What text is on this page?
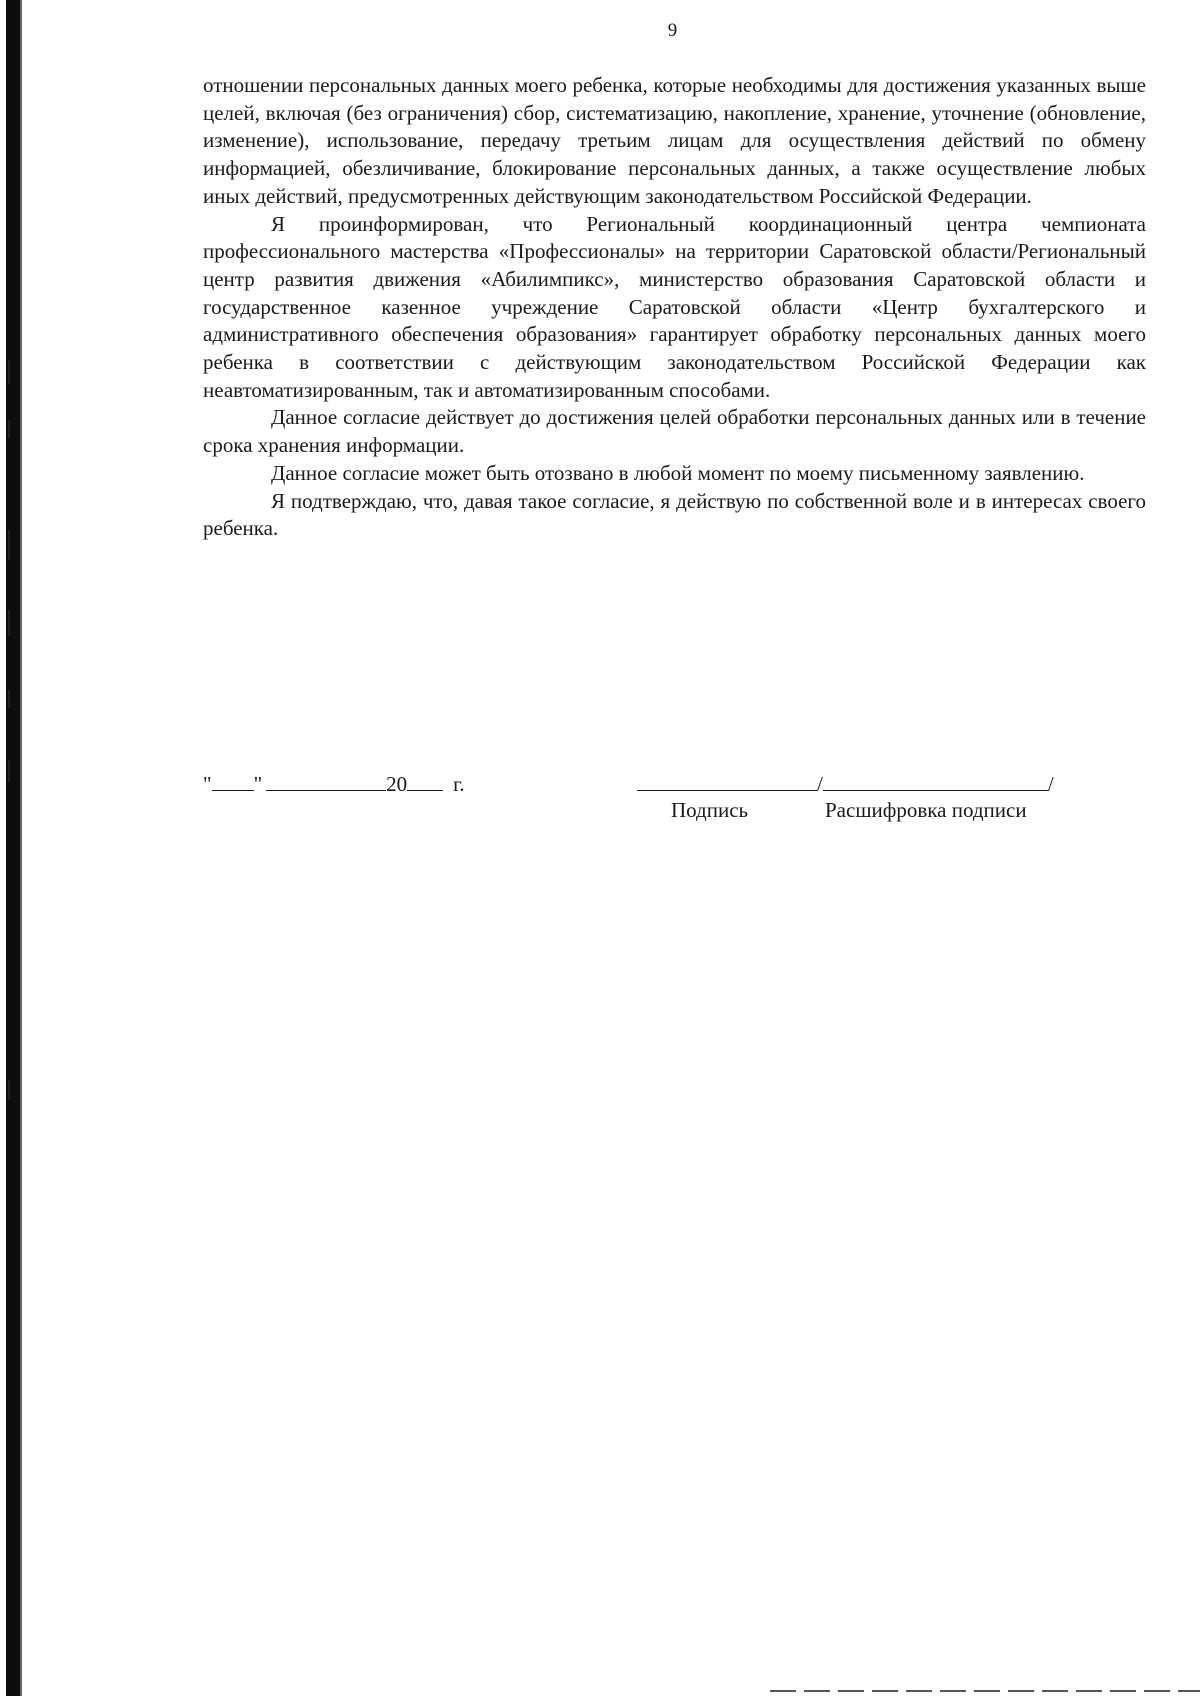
9

отношении персональных данных моего ребенка, которые необходимы для достижения указанных выше целей, включая (без ограничения) сбор, систематизацию, накопление, хранение, уточнение (обновление, изменение), использование, передачу третьим лицам для осуществления действий по обмену информацией, обезличивание, блокирование персональных данных, а также осуществление любых иных действий, предусмотренных действующим законодательством Российской Федерации.

Я проинформирован, что Региональный координационный центра чемпионата профессионального мастерства «Профессионалы» на территории Саратовской области/Региональный центр развития движения «Абилимпикс», министерство образования Саратовской области и государственное казенное учреждение Саратовской области «Центр бухгалтерского и административного обеспечения образования» гарантирует обработку персональных данных моего ребенка в соответствии с действующим законодательством Российской Федерации как неавтоматизированным, так и автоматизированным способами.

Данное согласие действует до достижения целей обработки персональных данных или в течение срока хранения информации.

Данное согласие может быть отозвано в любой момент по моему письменному заявлению.

Я подтверждаю, что, давая такое согласие, я действую по собственной воле и в интересах своего ребенка.

" "	20 г.	/	/
Подпись	Расшифровка подписи
